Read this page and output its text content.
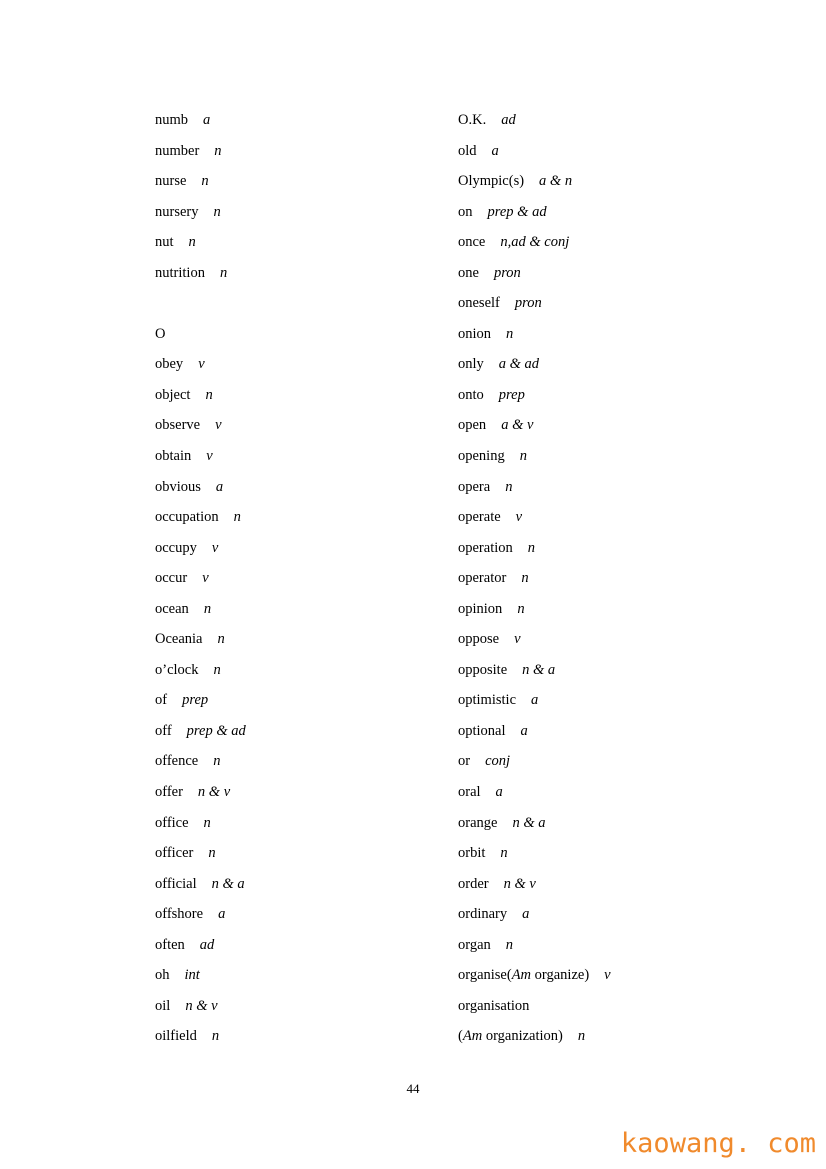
numb a
number n
nurse n
nursery n
nut n
nutrition n
O
obey v
object n
observe v
obtain v
obvious a
occupation n
occupy v
occur v
ocean n
Oceania n
o’clock n
of prep
off prep & ad
offence n
offer n & v
office n
officer n
official n & a
offshore a
often ad
oh int
oil n & v
oilfield n
O.K. ad
old a
Olympic(s) a & n
on prep & ad
once n,ad & conj
one pron
oneself pron
onion n
only a & ad
onto prep
open a & v
opening n
opera n
operate v
operation n
operator n
opinion n
oppose v
opposite n & a
optimistic a
optional a
or conj
oral a
orange n & a
orbit n
order n & v
ordinary a
organ n
organise(Am organize) v
organisation
(Am organization) n
44
kaowang. com
